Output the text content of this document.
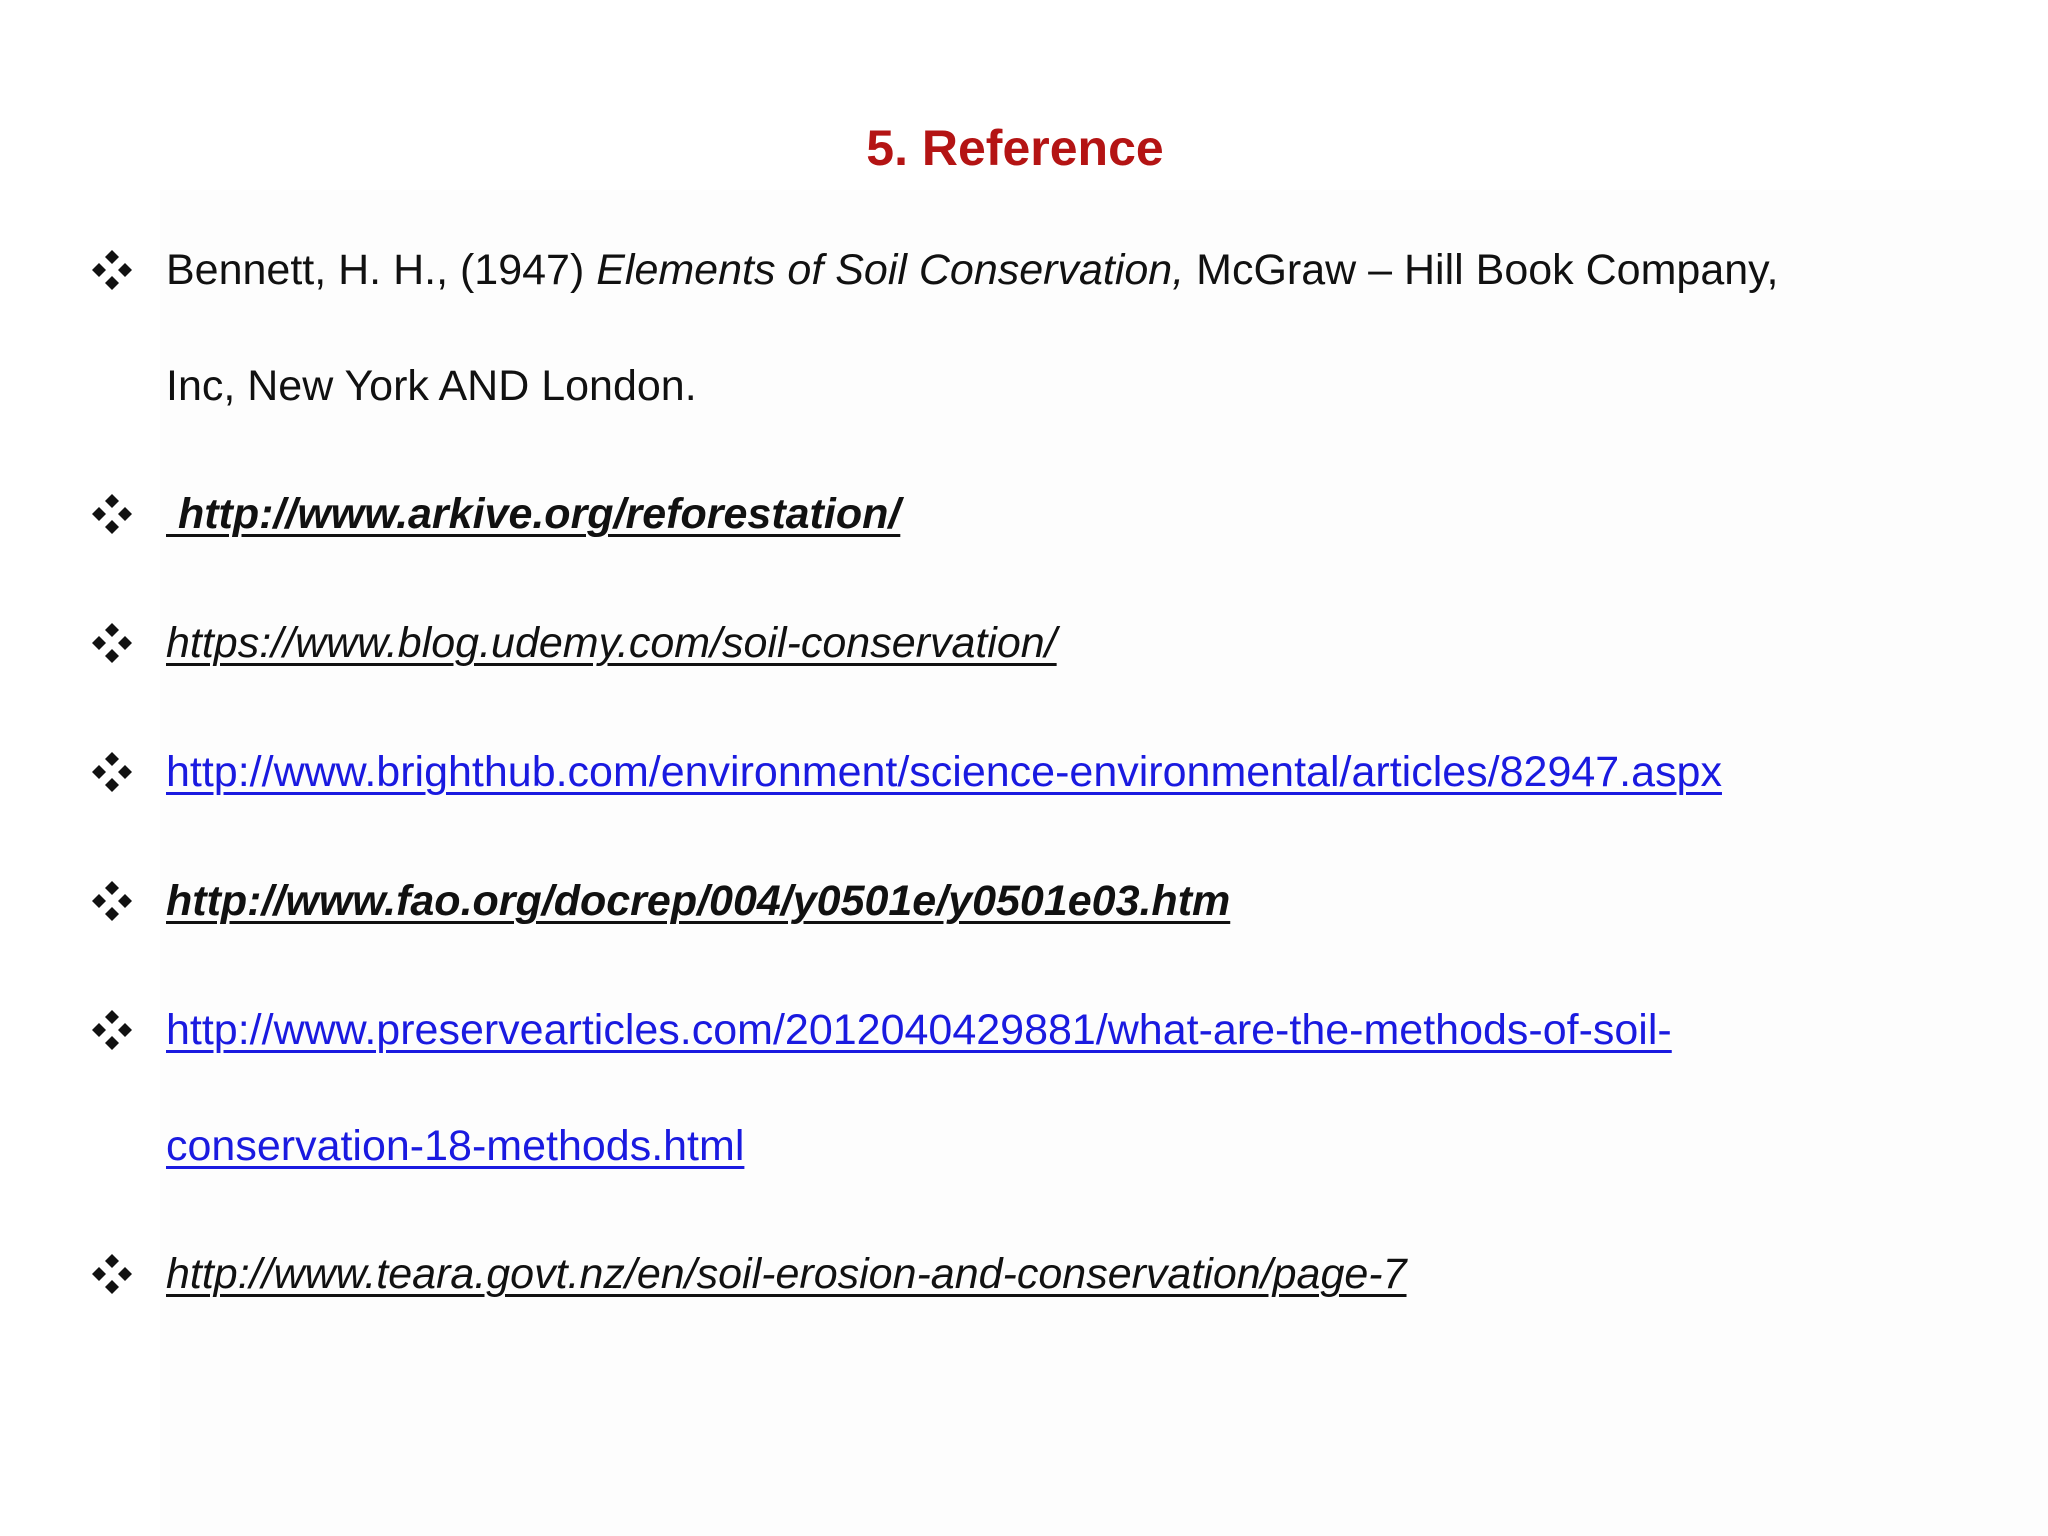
5. Reference
Bennett, H. H., (1947) Elements of Soil Conservation, McGraw – Hill Book Company,
Inc, New York AND London.
http://www.arkive.org/reforestation/
https://www.blog.udemy.com/soil-conservation/
http://www.brighthub.com/environment/science-environmental/articles/82947.aspx
http://www.fao.org/docrep/004/y0501e/y0501e03.htm
http://www.preservearticles.com/2012040429881/what-are-the-methods-of-soil-
conservation-18-methods.html
http://www.teara.govt.nz/en/soil-erosion-and-conservation/page-7
